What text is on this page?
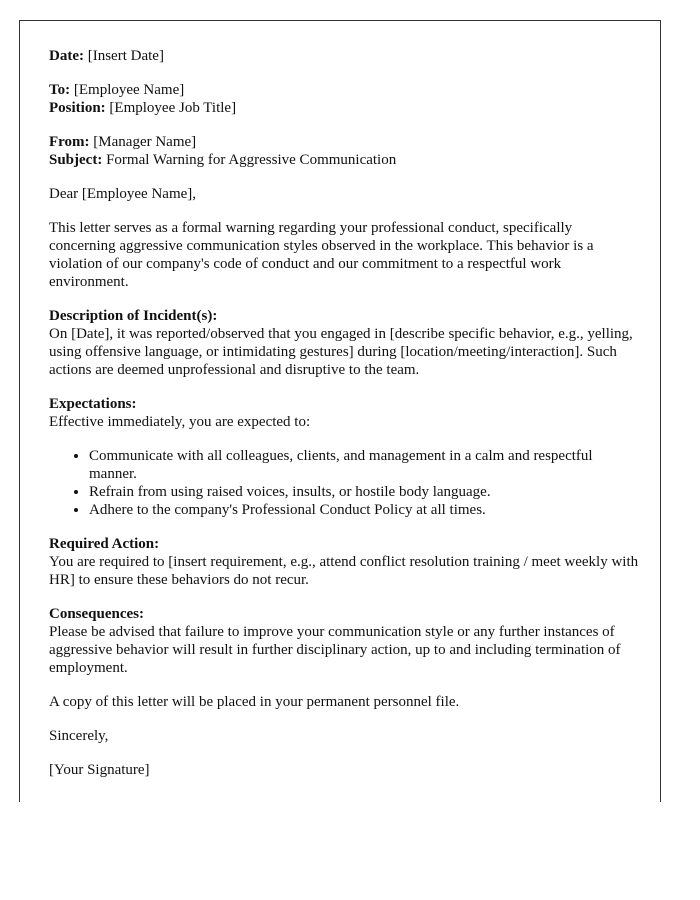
Date: [Insert Date]

To: [Employee Name]
Position: [Employee Job Title]

From: [Manager Name]
Subject: Formal Warning for Aggressive Communication

Dear [Employee Name],

This letter serves as a formal warning regarding your professional conduct, specifically concerning aggressive communication styles observed in the workplace. This behavior is a violation of our company's code of conduct and our commitment to a respectful work environment.

Description of Incident(s):
On [Date], it was reported/observed that you engaged in [describe specific behavior, e.g., yelling, using offensive language, or intimidating gestures] during [location/meeting/interaction]. Such actions are deemed unprofessional and disruptive to the team.

Expectations:
Effective immediately, you are expected to:

• Communicate with all colleagues, clients, and management in a calm and respectful manner.
• Refrain from using raised voices, insults, or hostile body language.
• Adhere to the company's Professional Conduct Policy at all times.

Required Action:
You are required to [insert requirement, e.g., attend conflict resolution training / meet weekly with HR] to ensure these behaviors do not recur.

Consequences:
Please be advised that failure to improve your communication style or any further instances of aggressive behavior will result in further disciplinary action, up to and including termination of employment.

A copy of this letter will be placed in your permanent personnel file.

Sincerely,

[Your Signature]
